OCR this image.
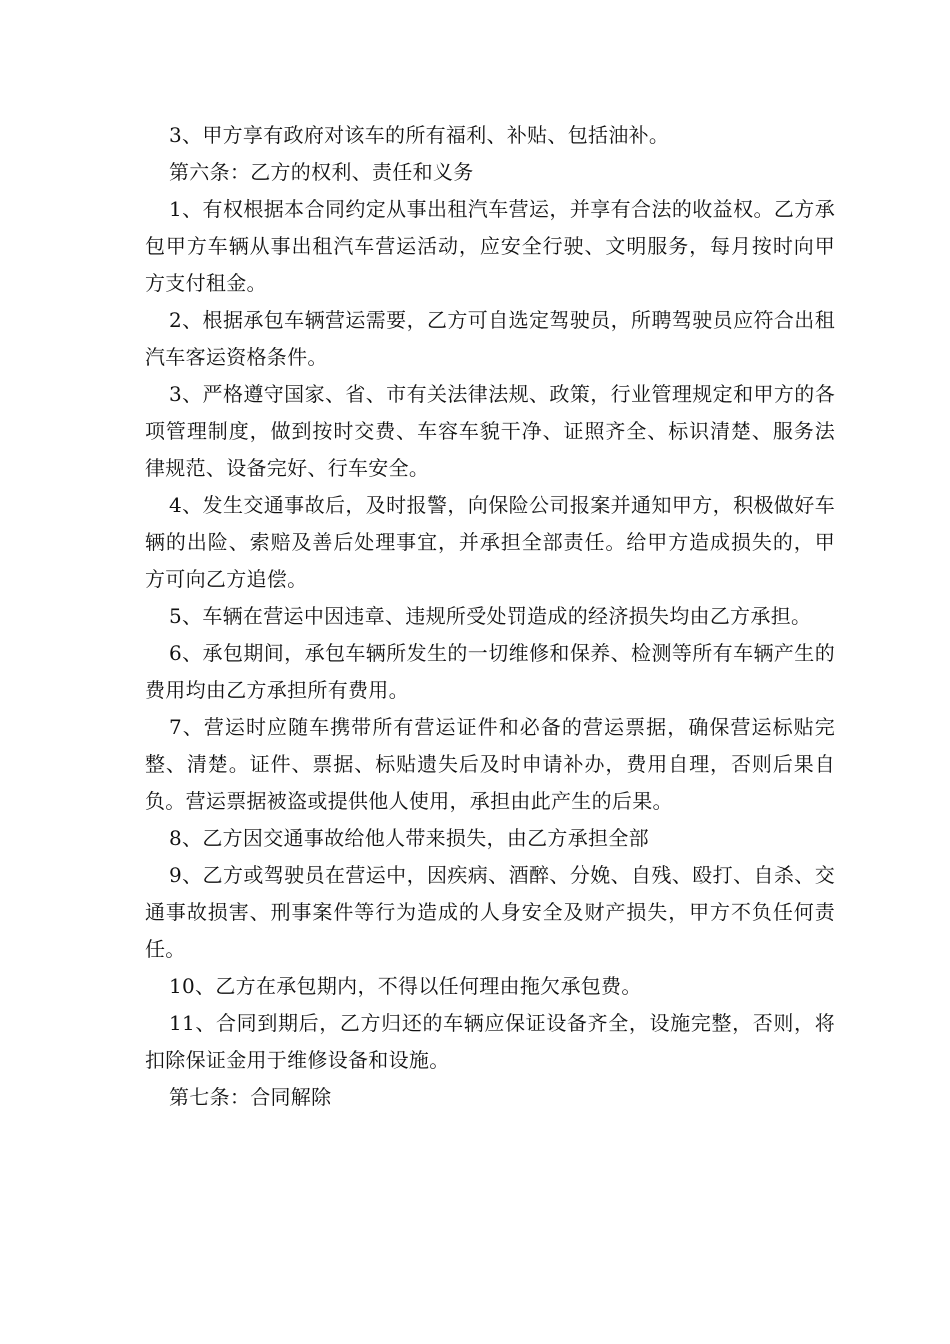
3、甲方享有政府对该车的所有福利、补贴、包括油补。

第六条：乙方的权利、责任和义务

1、有权根据本合同约定从事出租汽车营运，并享有合法的收益权。乙方承包甲方车辆从事出租汽车营运活动，应安全行驶、文明服务，每月按时向甲方支付租金。

2、根据承包车辆营运需要，乙方可自选定驾驶员，所聘驾驶员应符合出租汽车客运资格条件。

3、严格遵守国家、省、市有关法律法规、政策，行业管理规定和甲方的各项管理制度，做到按时交费、车容车貌干净、证照齐全、标识清楚、服务法律规范、设备完好、行车安全。

4、发生交通事故后，及时报警，向保险公司报案并通知甲方，积极做好车辆的出险、索赔及善后处理事宜，并承担全部责任。给甲方造成损失的，甲方可向乙方追偿。

5、车辆在营运中因违章、违规所受处罚造成的经济损失均由乙方承担。

6、承包期间，承包车辆所发生的一切维修和保养、检测等所有车辆产生的费用均由乙方承担所有费用。

7、营运时应随车携带所有营运证件和必备的营运票据，确保营运标贴完整、清楚。证件、票据、标贴遗失后及时申请补办，费用自理，否则后果自负。营运票据被盗或提供他人使用，承担由此产生的后果。

8、乙方因交通事故给他人带来损失，由乙方承担全部

9、乙方或驾驶员在营运中，因疾病、酒醉、分娩、自残、殴打、自杀、交通事故损害、刑事案件等行为造成的人身安全及财产损失，甲方不负任何责任。

10、乙方在承包期内，不得以任何理由拖欠承包费。

11、合同到期后，乙方归还的车辆应保证设备齐全，设施完整，否则，将扣除保证金用于维修设备和设施。

第七条：合同解除
